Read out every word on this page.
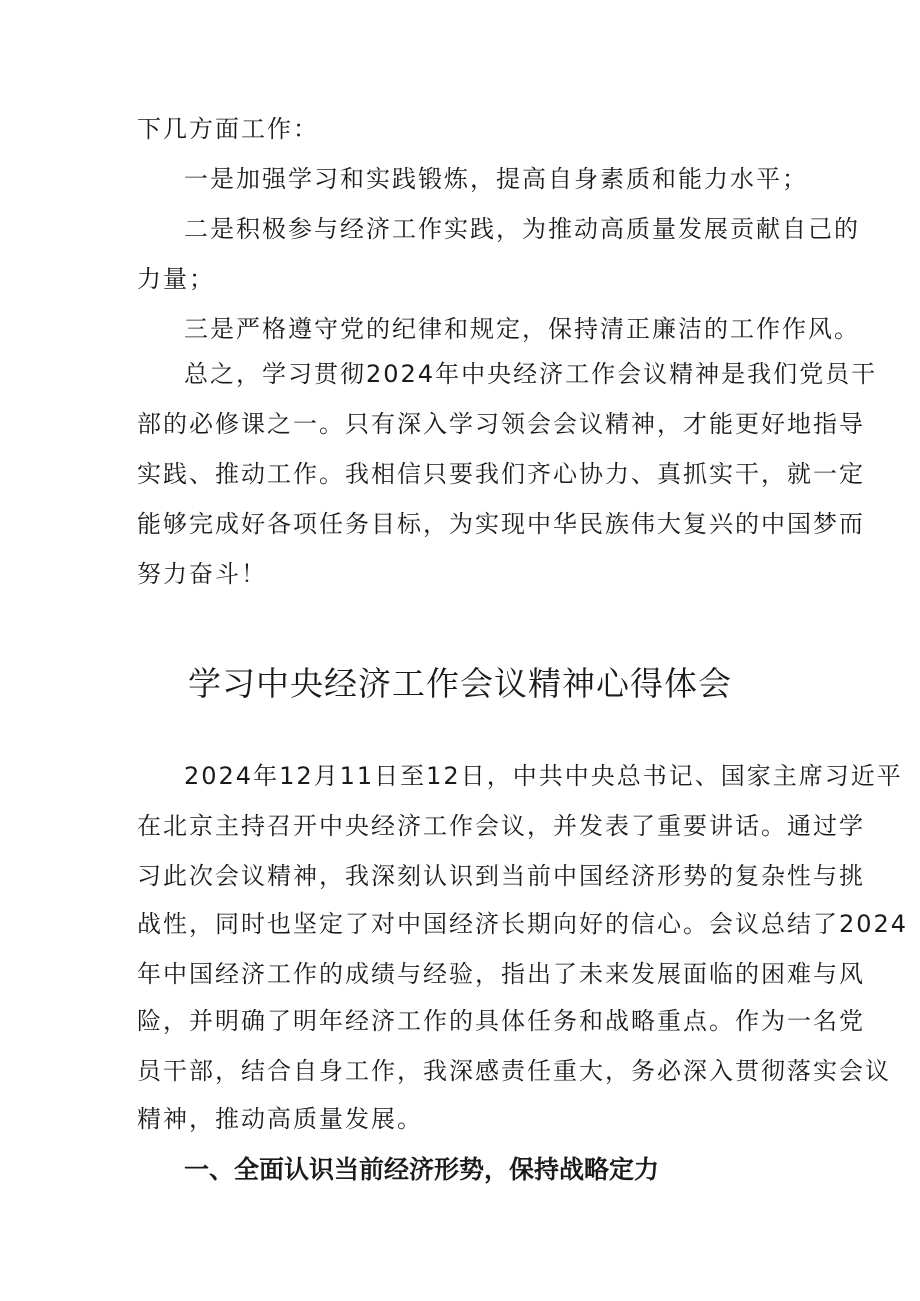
下几方面工作：
一是加强学习和实践锻炼，提高自身素质和能力水平；
二是积极参与经济工作实践，为推动高质量发展贡献自己的
力量；
三是严格遵守党的纪律和规定，保持清正廉洁的工作作风。
总之，学习贯彻2024年中央经济工作会议精神是我们党员干
部的必修课之一。只有深入学习领会会议精神，才能更好地指导
实践、推动工作。我相信只要我们齐心协力、真抓实干，就一定
能够完成好各项任务目标，为实现中华民族伟大复兴的中国梦而
努力奋斗！
学习中央经济工作会议精神心得体会
2024年12月11日至12日，中共中央总书记、国家主席习近平
在北京主持召开中央经济工作会议，并发表了重要讲话。通过学
习此次会议精神，我深刻认识到当前中国经济形势的复杂性与挑
战性，同时也坚定了对中国经济长期向好的信心。会议总结了2024
年中国经济工作的成绩与经验，指出了未来发展面临的困难与风
险，并明确了明年经济工作的具体任务和战略重点。作为一名党
员干部，结合自身工作，我深感责任重大，务必深入贯彻落实会议
精神，推动高质量发展。
一、全面认识当前经济形势，保持战略定力
